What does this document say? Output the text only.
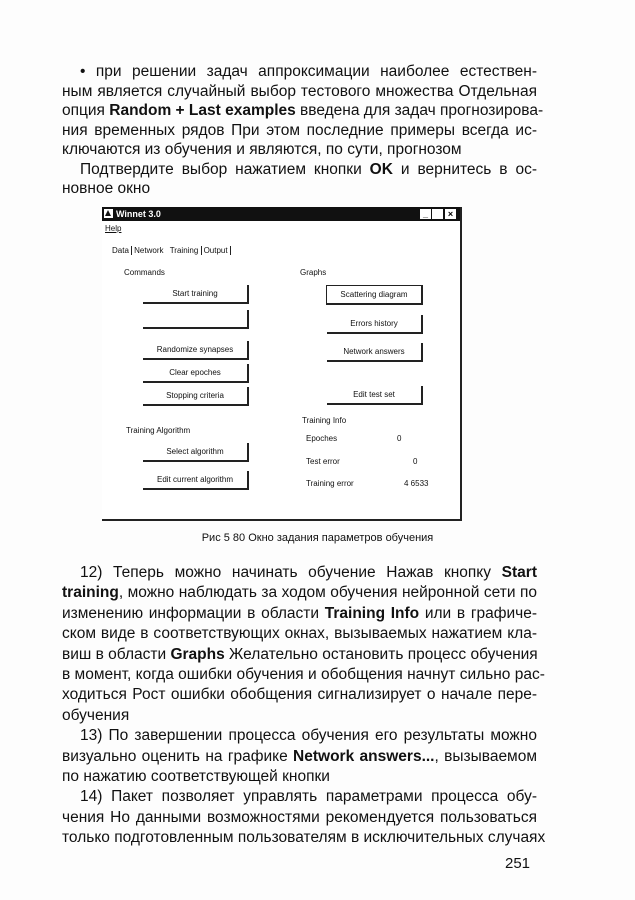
• при решении задач аппроксимации наиболее естествен-
ным является случайный выбор тестового множества Отдельная
опция Random + Last examples введена для задач прогнозирова-
ния временных рядов При этом последние примеры всегда ис-
ключаются из обучения и являются, по сути, прогнозом
Подтвердите выбор нажатием кнопки OK и вернитесь в ос-
новное окно
Winnet 3.0	_	×
Help
Data Network Training Output
Commands
Start training
Randomize synapses
Clear epoches
Stopping criteria
Graphs
Scattering diagram
Errors history
Network answers
Edit test set
Training Algorithm
Select algorithm
Edit current algorithm
Training Info
Epoches	0
Test error	0
Training error	4 6533
Рис 5 80 Окно задания параметров обучения
12) Теперь можно начинать обучение Нажав кнопку Start
training, можно наблюдать за ходом обучения нейронной сети по
изменению информации в области Training Info или в графиче-
ском виде в соответствующих окнах, вызываемых нажатием кла-
виш в области Graphs Желательно остановить процесс обучения
в момент, когда ошибки обучения и обобщения начнут сильно рас-
ходиться Рост ошибки обобщения сигнализирует о начале пере-
обучения
13) По завершении процесса обучения его результаты можно
визуально оценить на графике Network answers..., вызываемом
по нажатию соответствующей кнопки
14) Пакет позволяет управлять параметрами процесса обу-
чения Но данными возможностями рекомендуется пользоваться
только подготовленным пользователям в исключительных случаях
251
